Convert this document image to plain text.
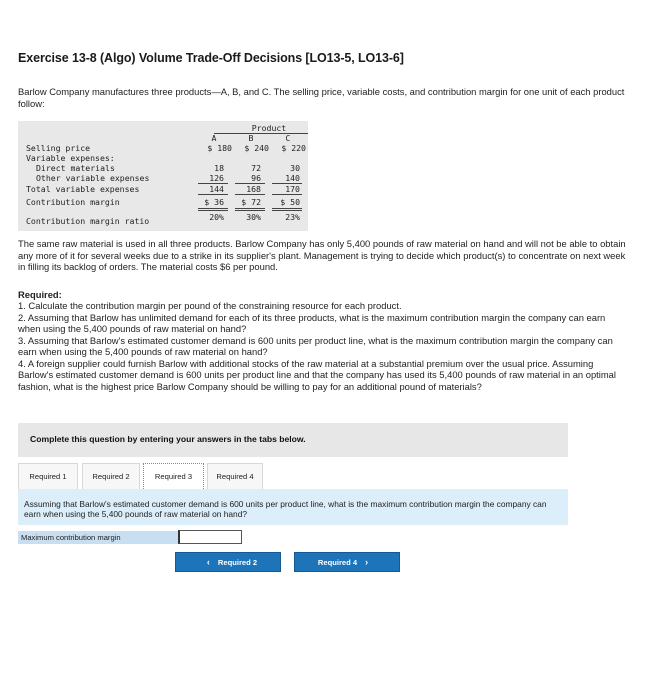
Exercise 13-8 (Algo) Volume Trade-Off Decisions [LO13-5, LO13-6]
Barlow Company manufactures three products—A, B, and C. The selling price, variable costs, and contribution margin for one unit of each product follow:
Product
A	B	C
Selling price	$ 180	$ 240	$ 220
Variable expenses:
Direct materials	18	72	30
Other variable expenses	126	96	140
Total variable expenses	144	168	170
Contribution margin	$ 36	$ 72	$ 50
Contribution margin ratio	20%	30%	23%
The same raw material is used in all three products. Barlow Company has only 5,400 pounds of raw material on hand and will not be able to obtain any more of it for several weeks due to a strike in its supplier's plant. Management is trying to decide which product(s) to concentrate on next week in filling its backlog of orders. The material costs $6 per pound.
Required:

1. Calculate the contribution margin per pound of the constraining resource for each product.

2. Assuming that Barlow has unlimited demand for each of its three products, what is the maximum contribution margin the company can earn when using the 5,400 pounds of raw material on hand?

3. Assuming that Barlow's estimated customer demand is 600 units per product line, what is the maximum contribution margin the company can earn when using the 5,400 pounds of raw material on hand?

4. A foreign supplier could furnish Barlow with additional stocks of the raw material at a substantial premium over the usual price. Assuming Barlow's estimated customer demand is 600 units per product line and that the company has used its 5,400 pounds of raw material in an optimal fashion, what is the highest price Barlow Company should be willing to pay for an additional pound of materials?

Complete this question by entering your answers in the tabs below.
Required 1	Required 2	Required 3	Required 4
Assuming that Barlow's estimated customer demand is 600 units per product line, what is the maximum contribution margin the company can earn when using the 5,400 pounds of raw material on hand?
Maximum contribution margin
‹ Required 2	Required 4 ›
